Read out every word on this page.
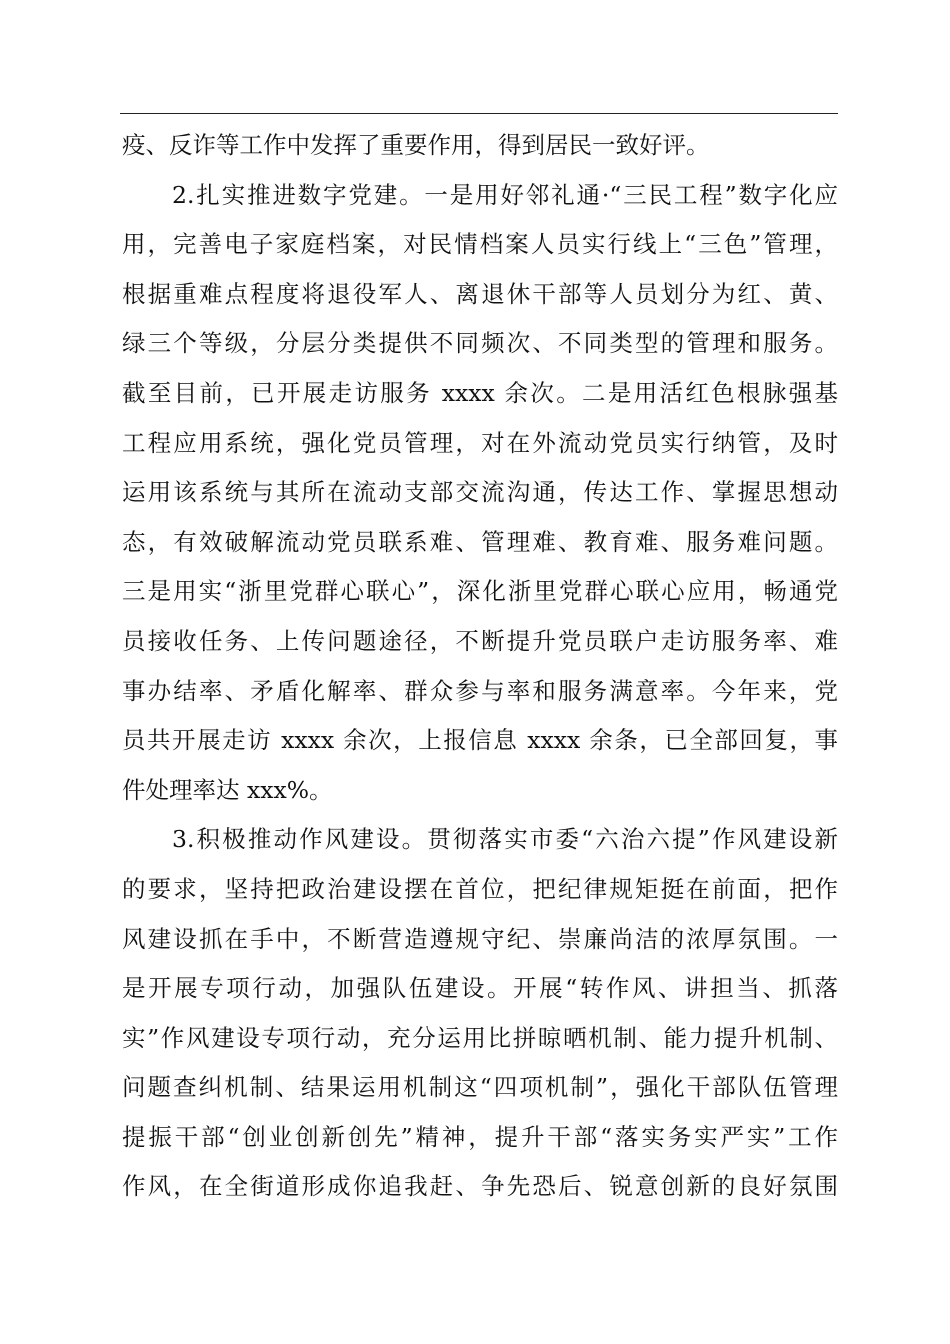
疫、反诈等工作中发挥了重要作用，得到居民一致好评。
2.扎实推进数字党建。一是用好邻礼通·“三民工程”数字化应
用，完善电子家庭档案，对民情档案人员实行线上“三色”管理，
根据重难点程度将退役军人、离退休干部等人员划分为红、黄、
绿三个等级，分层分类提供不同频次、不同类型的管理和服务。
截至目前，已开展走访服务 xxxx 余次。二是用活红色根脉强基
工程应用系统，强化党员管理，对在外流动党员实行纳管，及时
运用该系统与其所在流动支部交流沟通，传达工作、掌握思想动
态，有效破解流动党员联系难、管理难、教育难、服务难问题。
三是用实“浙里党群心联心”，深化浙里党群心联心应用，畅通党
员接收任务、上传问题途径，不断提升党员联户走访服务率、难
事办结率、矛盾化解率、群众参与率和服务满意率。今年来，党
员共开展走访 xxxx 余次，上报信息 xxxx 余条，已全部回复，事
件处理率达 xxx%。
3.积极推动作风建设。贯彻落实市委“六治六提”作风建设新
的要求，坚持把政治建设摆在首位，把纪律规矩挺在前面，把作
风建设抓在手中，不断营造遵规守纪、崇廉尚洁的浓厚氛围。一
是开展专项行动，加强队伍建设。开展“转作风、讲担当、抓落
实”作风建设专项行动，充分运用比拼晾晒机制、能力提升机制、
问题查纠机制、结果运用机制这“四项机制”，强化干部队伍管理
提振干部“创业创新创先”精神，提升干部“落实务实严实”工作
作风，在全街道形成你追我赶、争先恐后、锐意创新的良好氛围
